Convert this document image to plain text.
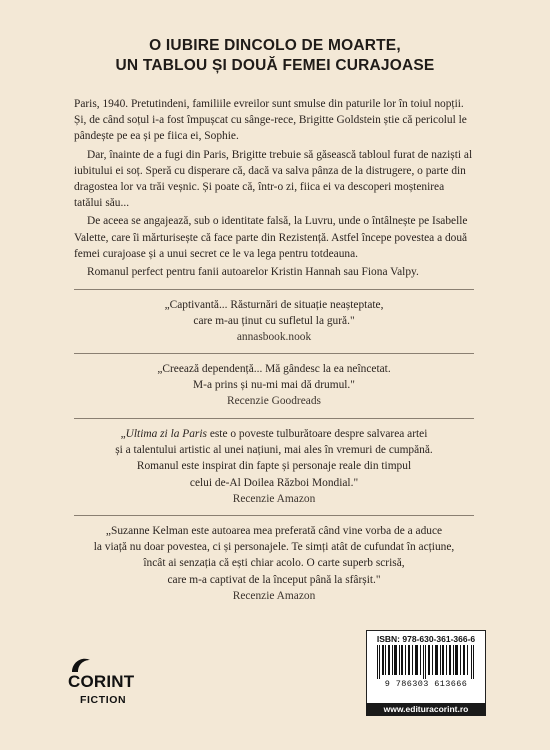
O IUBIRE DINCOLO DE MOARTE,
UN TABLOU ȘI DOUĂ FEMEI CURAJOASE

Paris, 1940. Pretutindeni, familiile evreilor sunt smulse din paturile lor în toiul nopții. Și, de când soțul i-a fost împușcat cu sânge-rece, Brigitte Goldstein știe că pericolul le pândește pe ea și pe fiica ei, Sophie.

Dar, înainte de a fugi din Paris, Brigitte trebuie să găsească tabloul furat de naziști al iubitului ei soț. Speră cu disperare că, dacă va salva pânza de la distrugere, o parte din dragostea lor va trăi veșnic. Și poate că, într-o zi, fiica ei va descoperi moștenirea tatălui său...

De aceea se angajează, sub o identitate falsă, la Luvru, unde o întâlnește pe Isabelle Valette, care îi mărturisește că face parte din Rezistență. Astfel începe povestea a două femei curajoase și a unui secret ce le va lega pentru totdeauna.

Romanul perfect pentru fanii autoarelor Kristin Hannah sau Fiona Valpy.

„Captivantă... Răsturnări de situație neașteptate,
care m-au ținut cu sufletul la gură."
annasbook.nook
„Creează dependență... Mă gândesc la ea neîncetat.
M-a prins și nu-mi mai dă drumul."
Recenzie Goodreads
„Ultima zi la Paris este o poveste tulburătoare despre salvarea artei
și a talentului artistic al unei națiuni, mai ales în vremuri de cumpănă.
Romanul este inspirat din fapte și personaje reale din timpul
celui de-Al Doilea Război Mondial."
Recenzie Amazon
„Suzanne Kelman este autoarea mea preferată când vine vorba de a aduce
la viață nu doar povestea, ci și personajele. Te simți atât de cufundat în acțiune,
încât ai senzația că ești chiar acolo. O carte superb scrisă,
care m-a captivat de la început până la sfârșit."
Recenzie Amazon
CORINT
FICTION
ISBN: 978-630-361-366-6
9 786303 613666
www.edituracorint.ro
